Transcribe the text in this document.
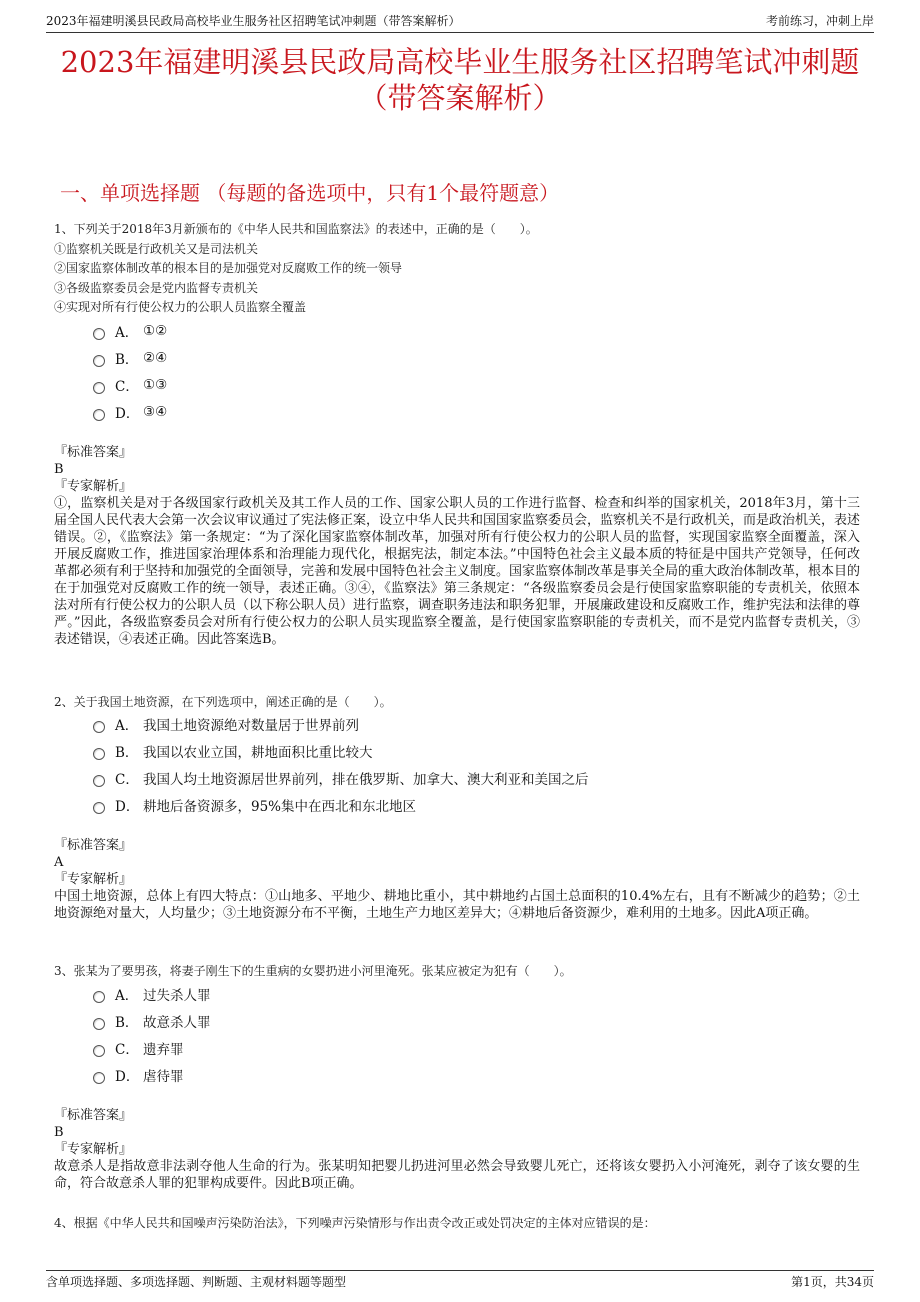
2023年福建明溪县民政局高校毕业生服务社区招聘笔试冲刺题（带答案解析）	考前练习，冲刺上岸
2023年福建明溪县民政局高校毕业生服务社区招聘笔试冲刺题
（带答案解析）
一、单项选择题 （每题的备选项中，只有1个最符题意）
1、下列关于2018年3月新颁布的《中华人民共和国监察法》的表述中，正确的是（　　）。
①监察机关既是行政机关又是司法机关
②国家监察体制改革的根本目的是加强党对反腐败工作的统一领导
③各级监察委员会是党内监督专责机关
④实现对所有行使公权力的公职人员监察全覆盖
A． ①②
B． ②④
C． ①③
D． ③④
『标准答案』
B
『专家解析』
①，监察机关是对于各级国家行政机关及其工作人员的工作、国家公职人员的工作进行监督、检查和纠举的国家机关，2018年3月，第十三届全国人民代表大会第一次会议审议通过了宪法修正案，设立中华人民共和国国家监察委员会，监察机关不是行政机关，而是政治机关，表述错误。②，《监察法》第一条规定：“为了深化国家监察体制改革，加强对所有行使公权力的公职人员的监督，实现国家监察全面覆盖，深入开展反腐败工作，推进国家治理体系和治理能力现代化，根据宪法，制定本法。”中国特色社会主义最本质的特征是中国共产党领导，任何改革都必须有利于坚持和加强党的全面领导，完善和发展中国特色社会主义制度。国家监察体制改革是事关全局的重大政治体制改革，根本目的在于加强党对反腐败工作的统一领导，表述正确。③④，《监察法》第三条规定：“各级监察委员会是行使国家监察职能的专责机关，依照本法对所有行使公权力的公职人员（以下称公职人员）进行监察，调查职务违法和职务犯罪，开展廉政建设和反腐败工作，维护宪法和法律的尊严。”因此，各级监察委员会对所有行使公权力的公职人员实现监察全覆盖，是行使国家监察职能的专责机关，而不是党内监督专责机关，③表述错误，④表述正确。因此答案选B。
2、关于我国土地资源，在下列选项中，阐述正确的是（　　）。
A． 我国土地资源绝对数量居于世界前列
B． 我国以农业立国，耕地面积比重比较大
C． 我国人均土地资源居世界前列，排在俄罗斯、加拿大、澳大利亚和美国之后
D． 耕地后备资源多，95%集中在西北和东北地区
『标准答案』
A
『专家解析』
中国土地资源，总体上有四大特点：①山地多、平地少、耕地比重小，其中耕地约占国土总面积的10.4%左右，且有不断减少的趋势；②土地资源绝对量大，人均量少；③土地资源分布不平衡，土地生产力地区差异大；④耕地后备资源少，难利用的土地多。因此A项正确。
3、张某为了要男孩，将妻子刚生下的生重病的女婴扔进小河里淹死。张某应被定为犯有（　　）。
A． 过失杀人罪
B． 故意杀人罪
C． 遗弃罪
D． 虐待罪
『标准答案』
B
『专家解析』
故意杀人是指故意非法剥夺他人生命的行为。张某明知把婴儿扔进河里必然会导致婴儿死亡，还将该女婴扔入小河淹死，剥夺了该女婴的生命，符合故意杀人罪的犯罪构成要件。因此B项正确。
4、根据《中华人民共和国噪声污染防治法》，下列噪声污染情形与作出责令改正或处罚决定的主体对应错误的是：
含单项选择题、多项选择题、判断题、主观材料题等题型	第1页，共34页
